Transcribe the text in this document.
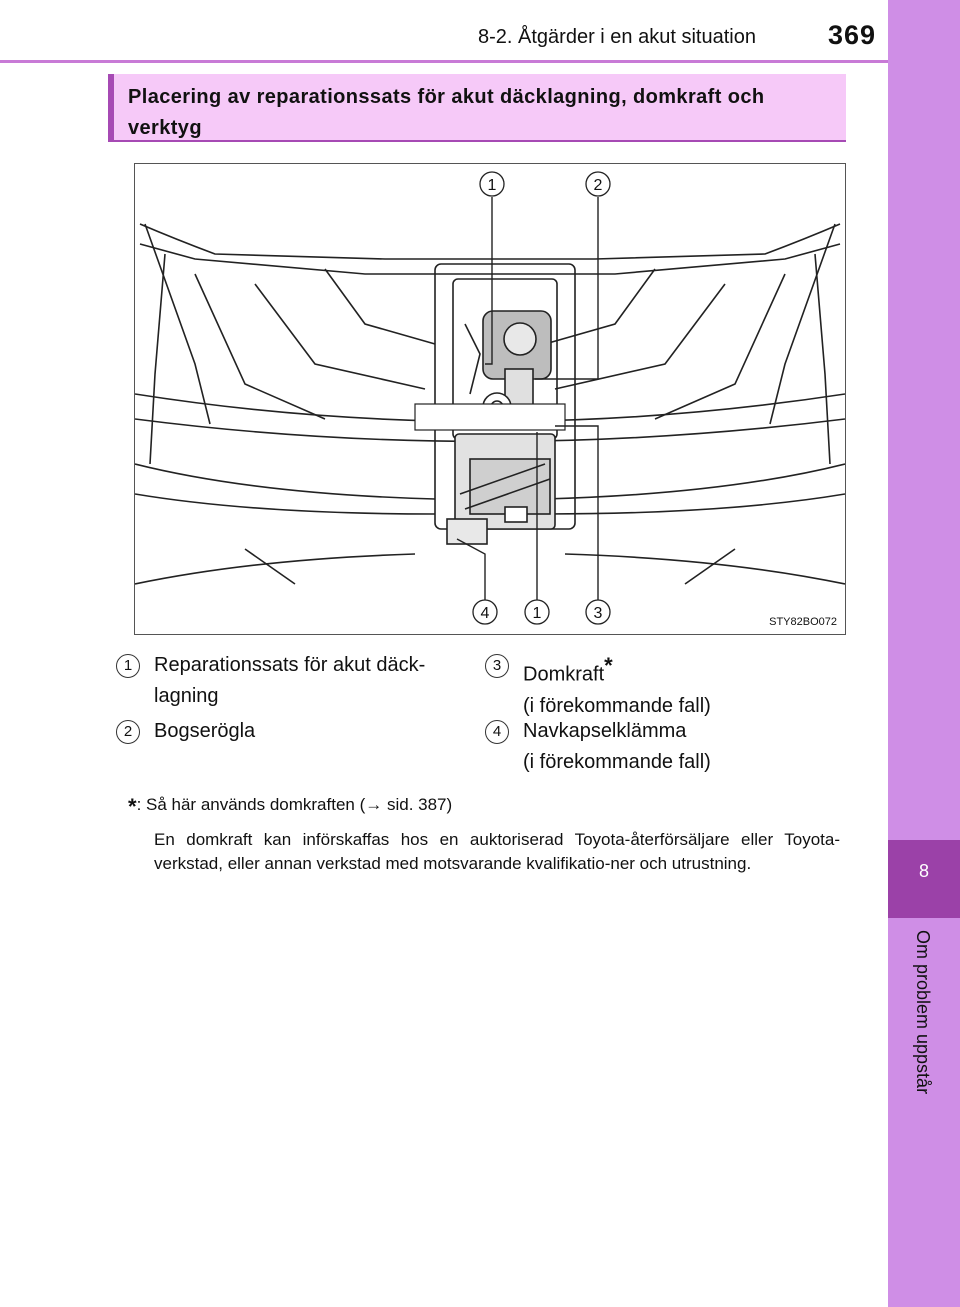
8-2. Åtgärder i en akut situation	369
8
Om problem uppstår
Placering av reparationssats för akut däcklagning, domkraft och
verktyg
1	2
4	1	3	STY82BO072
1	Reparationssats för akut däck-
lagning
2	Bogserögla
3	Domkraft*
(i förekommande fall)
4	Navkapselklämma
(i förekommande fall)
*: Så här används domkraften (→ sid. 387)
En domkraft kan införskaffas hos en auktoriserad Toyota-återförsäljare eller Toyota-verkstad, eller annan verkstad med motsvarande kvalifikatio-ner och utrustning.
